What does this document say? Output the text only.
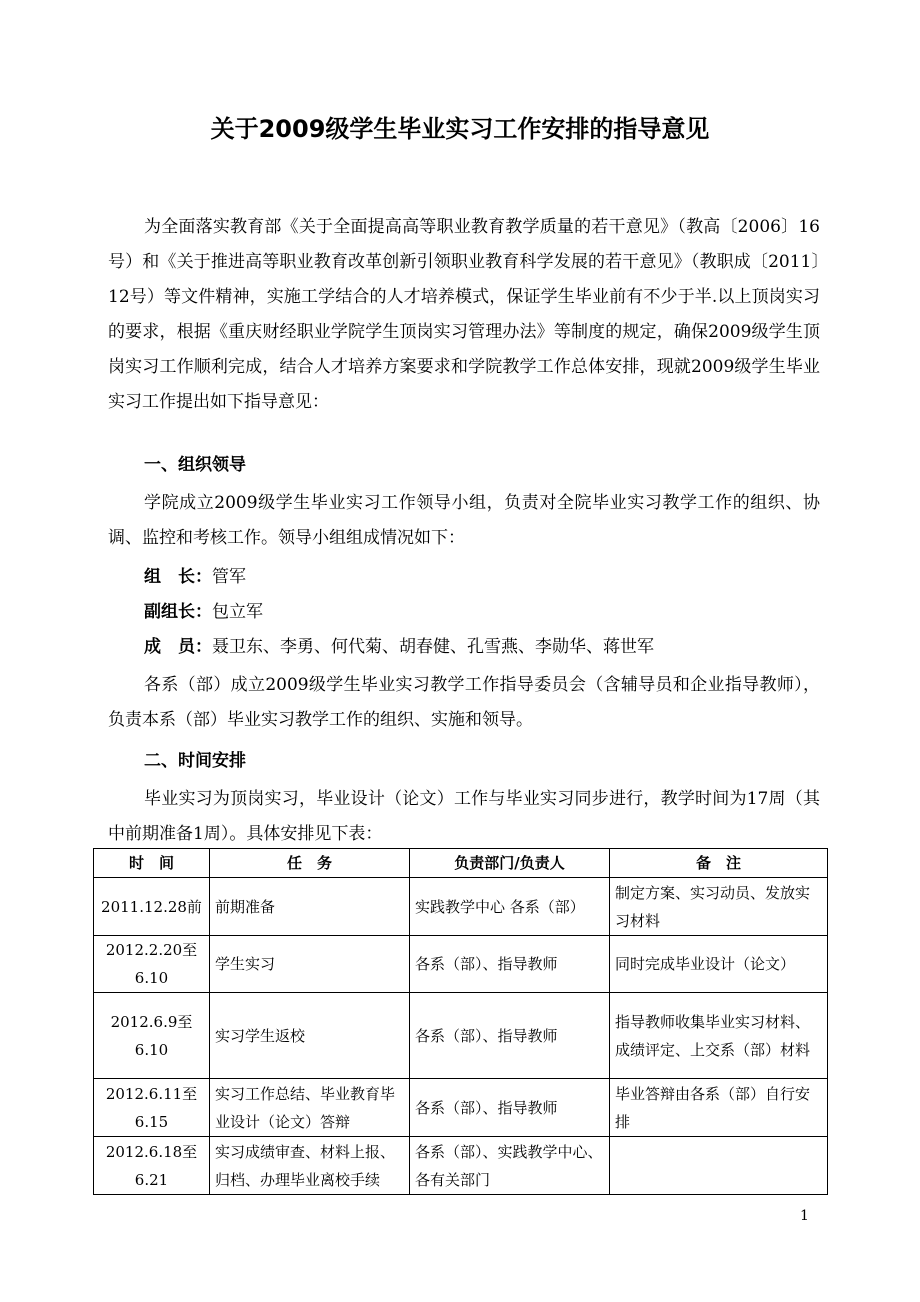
关于2009级学生毕业实习工作安排的指导意见

为全面落实教育部《关于全面提高高等职业教育教学质量的若干意见》（教高〔2006〕16号）和《关于推进高等职业教育改革创新引领职业教育科学发展的若干意见》（教职成〔2011〕12号）等文件精神，实施工学结合的人才培养模式，保证学生毕业前有不少于半.以上顶岗实习的要求，根据《重庆财经职业学院学生顶岗实习管理办法》等制度的规定，确保2009级学生顶岗实习工作顺利完成，结合人才培养方案要求和学院教学工作总体安排，现就2009级学生毕业实习工作提出如下指导意见：

一、组织领导

学院成立2009级学生毕业实习工作领导小组，负责对全院毕业实习教学工作的组织、协调、监控和考核工作。领导小组组成情况如下：

组　长：管军
副组长：包立军
成　员：聂卫东、李勇、何代菊、胡春健、孔雪燕、李勋华、蒋世军

各系（部）成立2009级学生毕业实习教学工作指导委员会（含辅导员和企业指导教师），负责本系（部）毕业实习教学工作的组织、实施和领导。

二、时间安排

毕业实习为顶岗实习，毕业设计（论文）工作与毕业实习同步进行，教学时间为17周（其中前期准备1周）。具体安排见下表：

时　间	任　务	负责部门/负责人	备　注
2011.12.28前	前期准备	实践教学中心 各系（部）	制定方案、实习动员、发放实习材料
2012.2.20至6.10	学生实习	各系（部）、指导教师	同时完成毕业设计（论文）
2012.6.9至6.10	实习学生返校	各系（部）、指导教师	指导教师收集毕业实习材料、成绩评定、上交系（部）材料
2012.6.11至6.15	实习工作总结、毕业教育毕业设计（论文）答辩	各系（部）、指导教师	毕业答辩由各系（部）自行安排
2012.6.18至6.21	实习成绩审查、材料上报、归档、办理毕业离校手续	各系（部）、实践教学中心、各有关部门	
1
